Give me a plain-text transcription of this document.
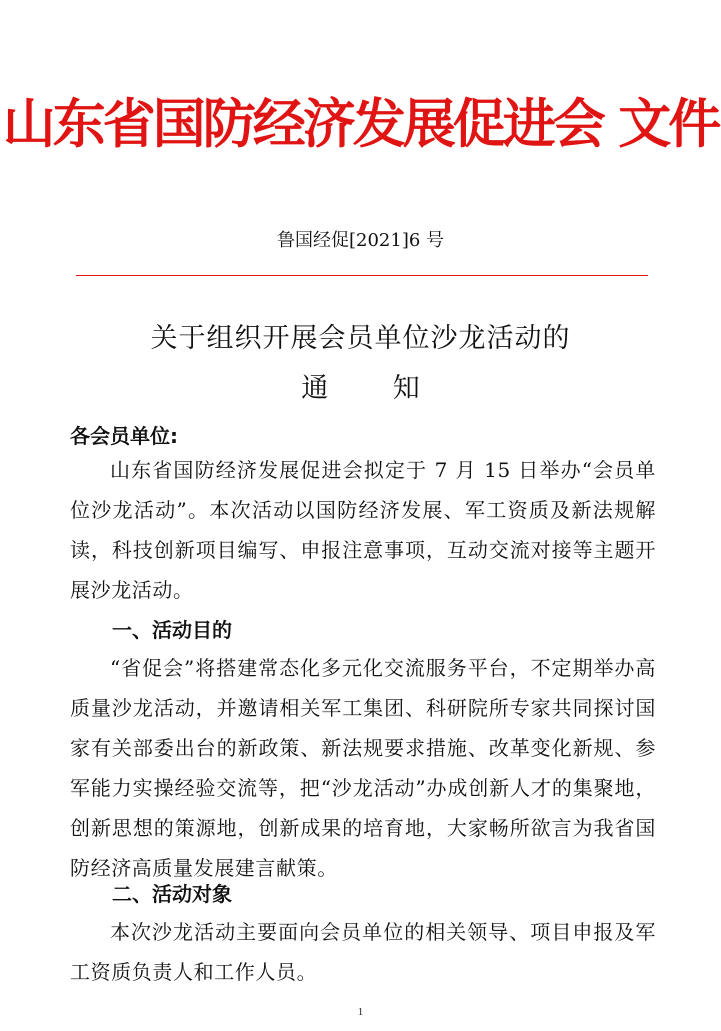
山东省国防经济发展促进会 文件
鲁国经促[2021]6 号
关于组织开展会员单位沙龙活动的
通 知
各会员单位:
山东省国防经济发展促进会拟定于 7 月 15 日举办“会员单位沙龙活动”。本次活动以国防经济发展、军工资质及新法规解读，科技创新项目编写、申报注意事项，互动交流对接等主题开展沙龙活动。
一、活动目的
“省促会”将搭建常态化多元化交流服务平台，不定期举办高质量沙龙活动，并邀请相关军工集团、科研院所专家共同探讨国家有关部委出台的新政策、新法规要求措施、改革变化新规、参军能力实操经验交流等，把“沙龙活动”办成创新人才的集聚地，创新思想的策源地，创新成果的培育地，大家畅所欲言为我省国防经济高质量发展建言献策。
二、活动对象
本次沙龙活动主要面向会员单位的相关领导、项目申报及军工资质负责人和工作人员。
1
